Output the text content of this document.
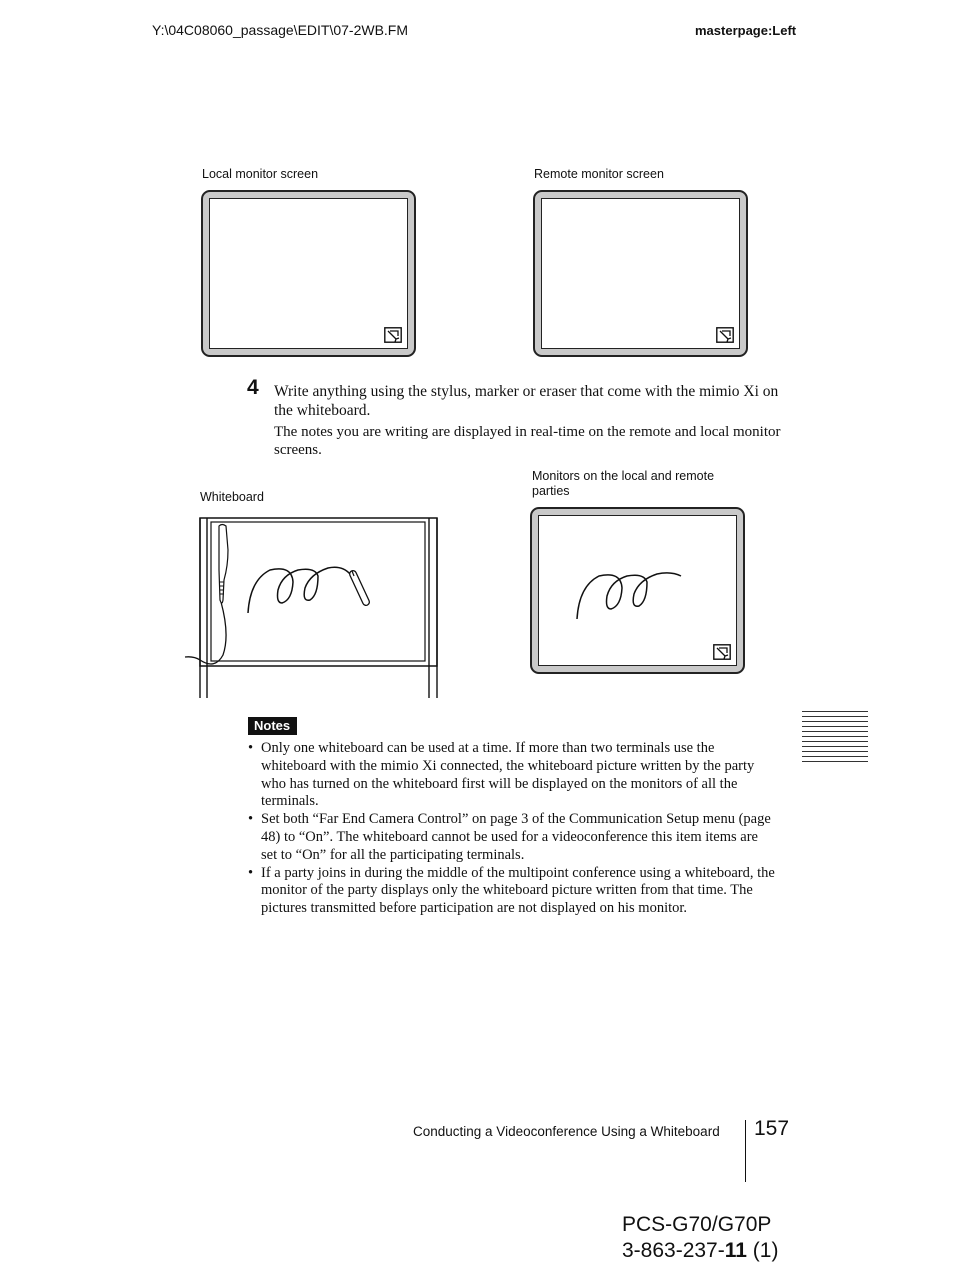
Y:\04C08060_passage\EDIT\07-2WB.FM	masterpage:Left
Local monitor screen	Remote monitor screen
4 Write anything using the stylus, marker or eraser that come with the mimio Xi on the whiteboard.
The notes you are writing are displayed in real-time on the remote and local monitor screens.
Whiteboard
Monitors on the local and remote parties
Notes
• Only one whiteboard can be used at a time. If more than two terminals use the whiteboard with the mimio Xi connected, the whiteboard picture written by the party who has turned on the whiteboard first will be displayed on the monitors of all the terminals.
• Set both “Far End Camera Control” on page 3 of the Communication Setup menu (page 48) to “On”. The whiteboard cannot be used for a videoconference this item items are set to “On” for all the participating terminals.
• If a party joins in during the middle of the multipoint conference using a whiteboard, the monitor of the party displays only the whiteboard picture written from that time. The pictures transmitted before participation are not displayed on his monitor.
Conducting a Videoconference Using a Whiteboard 157
PCS-G70/G70P
3-863-237-11 (1)
